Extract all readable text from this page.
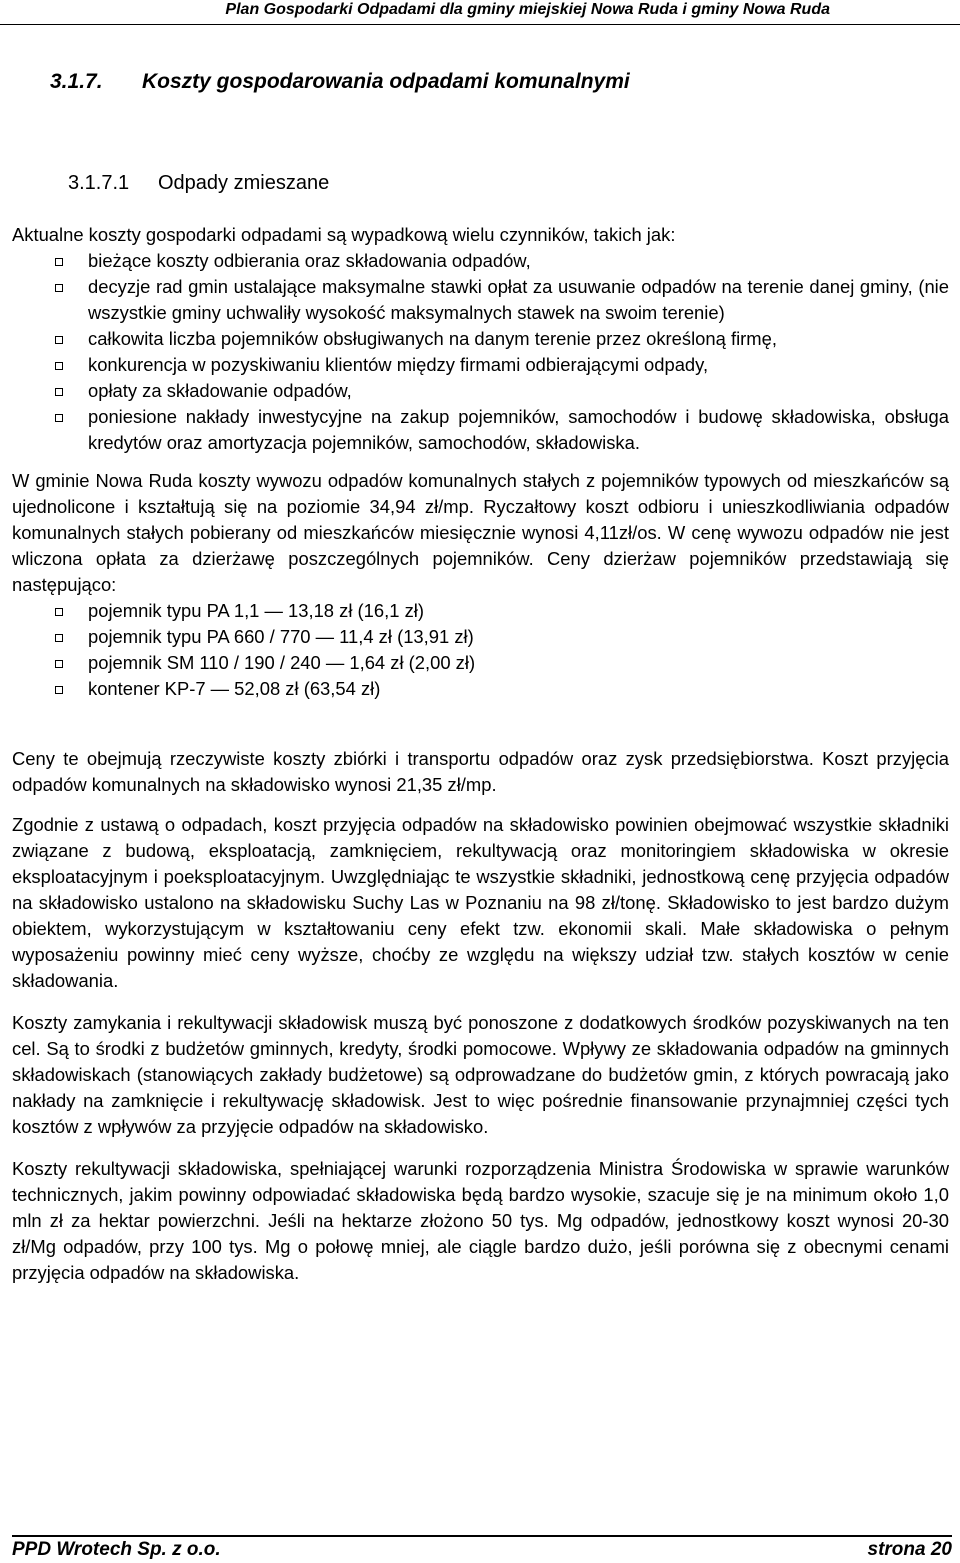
Plan Gospodarki Odpadami dla gminy miejskiej Nowa Ruda i gminy Nowa Ruda
3.1.7. Koszty gospodarowania odpadami komunalnymi
3.1.7.1 Odpady zmieszane

Aktualne koszty gospodarki odpadami są wypadkową wielu czynników, takich jak:

bieżące koszty odbierania oraz składowania odpadów,
decyzje rad gmin ustalające maksymalne stawki opłat za usuwanie odpadów na terenie danej gminy, (nie wszystkie gminy uchwaliły wysokość maksymalnych stawek na swoim terenie)
całkowita liczba pojemników obsługiwanych na danym terenie przez określoną firmę,
konkurencja w pozyskiwaniu klientów między firmami odbierającymi odpady,
opłaty za składowanie odpadów,
poniesione nakłady inwestycyjne na zakup pojemników, samochodów i budowę składowiska, obsługa kredytów oraz amortyzacja pojemników, samochodów, składowiska.

W gminie Nowa Ruda koszty wywozu odpadów komunalnych stałych z pojemników typowych od mieszkańców są ujednolicone i kształtują się na poziomie 34,94 zł/mp. Ryczałtowy koszt odbioru i unieszkodliwiania odpadów komunalnych stałych pobierany od mieszkańców miesięcznie wynosi 4,11zł/os. W cenę wywozu odpadów nie jest wliczona opłata za dzierżawę poszczególnych pojemników. Ceny dzierżaw pojemników przedstawiają się następująco:

pojemnik typu PA 1,1 — 13,18 zł (16,1 zł)
pojemnik typu PA 660 / 770 — 11,4 zł (13,91 zł)
pojemnik SM 110 / 190 / 240 — 1,64 zł (2,00 zł)
kontener KP-7 — 52,08 zł (63,54 zł)

Ceny te obejmują rzeczywiste koszty zbiórki i transportu odpadów oraz zysk przedsiębiorstwa. Koszt przyjęcia odpadów komunalnych na składowisko wynosi 21,35 zł/mp.

Zgodnie z ustawą o odpadach, koszt przyjęcia odpadów na składowisko powinien obejmować wszystkie składniki związane z budową, eksploatacją, zamknięciem, rekultywacją oraz monitoringiem składowiska w okresie eksploatacyjnym i poeksploatacyjnym. Uwzględniając te wszystkie składniki, jednostkową cenę przyjęcia odpadów na składowisko ustalono na składowisku Suchy Las w Poznaniu na 98 zł/tonę. Składowisko to jest bardzo dużym obiektem, wykorzystującym w kształtowaniu ceny efekt tzw. ekonomii skali. Małe składowiska o pełnym wyposażeniu powinny mieć ceny wyższe, choćby ze względu na większy udział tzw. stałych kosztów w cenie składowania.

Koszty zamykania i rekultywacji składowisk muszą być ponoszone z dodatkowych środków pozyskiwanych na ten cel. Są to środki z budżetów gminnych, kredyty, środki pomocowe. Wpływy ze składowania odpadów na gminnych składowiskach (stanowiących zakłady budżetowe) są odprowadzane do budżetów gmin, z których powracają jako nakłady na zamknięcie i rekultywację składowisk. Jest to więc pośrednie finansowanie przynajmniej części tych kosztów z wpływów za przyjęcie odpadów na składowisko.

Koszty rekultywacji składowiska, spełniającej warunki rozporządzenia Ministra Środowiska w sprawie warunków technicznych, jakim powinny odpowiadać składowiska będą bardzo wysokie, szacuje się je na minimum około 1,0 mln zł za hektar powierzchni. Jeśli na hektarze złożono 50 tys. Mg odpadów, jednostkowy koszt wynosi 20-30 zł/Mg odpadów, przy 100 tys. Mg o połowę mniej, ale ciągle bardzo dużo, jeśli porówna się z obecnymi cenami przyjęcia odpadów na składowiska.

PPD Wrotech Sp. z o.o.	strona 20
